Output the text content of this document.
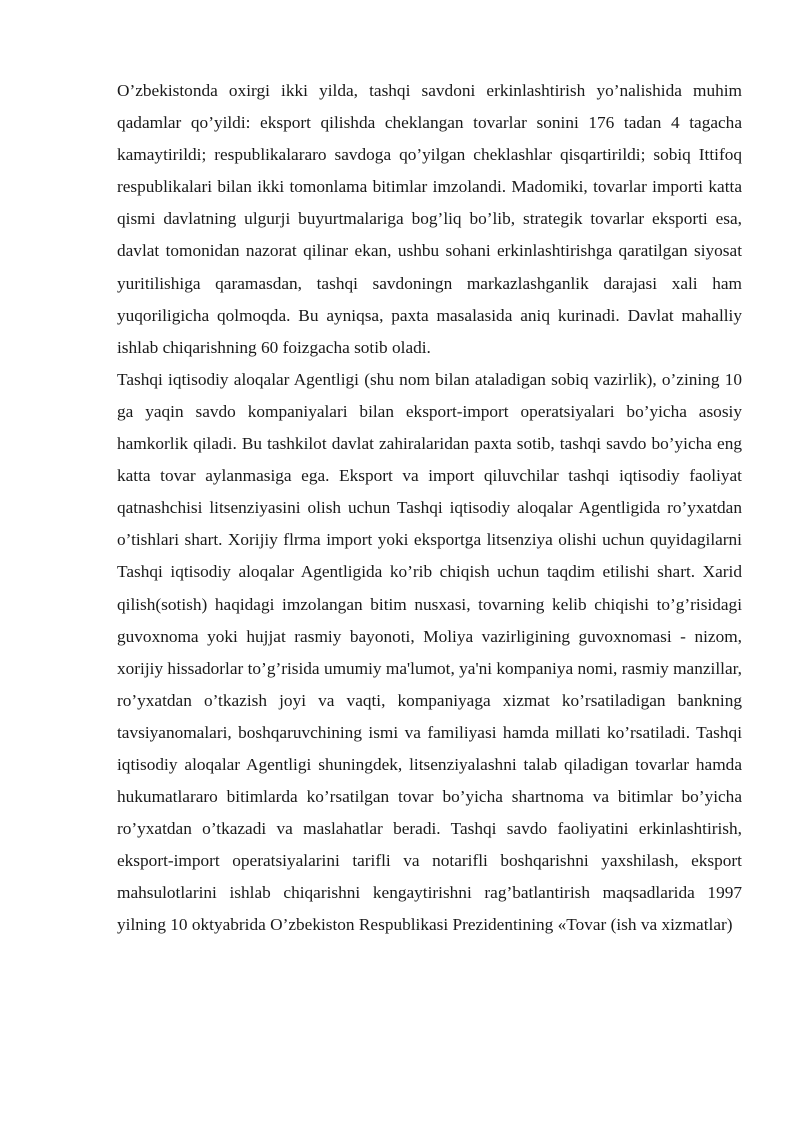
O’zbekistonda oxirgi ikki yilda, tashqi savdoni erkinlashtirish yo’nalishida muhim qadamlar qo’yildi: eksport qilishda cheklangan tovarlar sonini 176 tadan 4 tagacha kamaytirildi; respublikalararo savdoga qo’yilgan cheklashlar qisqartirildi; sobiq Ittifoq respublikalari bilan ikki tomonlama bitimlar imzolandi. Madomiki, tovarlar importi katta qismi davlatning ulgurji buyurtmalariga bog’liq bo’lib, strategik tovarlar eksporti esa, davlat tomonidan nazorat qilinar ekan, ushbu sohani erkinlashtirishga qaratilgan siyosat yuritilishiga qaramasdan, tashqi savdoningn markazlashganlik darajasi xali ham yuqoriligicha qolmoqda. Bu ayniqsa, paxta masalasida aniq kurinadi. Davlat mahalliy ishlab chiqarishning 60 foizgacha sotib oladi.

Tashqi iqtisodiy aloqalar Agentligi (shu nom bilan ataladigan sobiq vazirlik), o’zining 10 ga yaqin savdo kompaniyalari bilan eksport-import operatsiyalari bo’yicha asosiy hamkorlik qiladi. Bu tashkilot davlat zahiralaridan paxta sotib, tashqi savdo bo’yicha eng katta tovar aylanmasiga ega. Eksport va import qiluvchilar tashqi iqtisodiy faoliyat qatnashchisi litsenziyasini olish uchun Tashqi iqtisodiy aloqalar Agentligida ro’yxatdan o’tishlari shart. Xorijiy flrma import yoki eksportga litsenziya olishi uchun quyidagilarni Tashqi iqtisodiy aloqalar Agentligida ko’rib chiqish uchun taqdim etilishi shart. Xarid qilish(sotish) haqidagi imzolangan bitim nusxasi, tovarning kelib chiqishi to’g’risidagi guvoxnoma yoki hujjat rasmiy bayonoti, Moliya vazirligining guvoxnomasi - nizom, xorijiy hissadorlar to’g’risida umumiy ma'lumot, ya'ni kompaniya nomi, rasmiy manzillar, ro’yxatdan o’tkazish joyi va vaqti, kompaniyaga xizmat ko’rsatiladigan bankning tavsiyanomalari, boshqaruvchining ismi va familiyasi hamda millati ko’rsatiladi. Tashqi iqtisodiy aloqalar Agentligi shuningdek, litsenziyalashni talab qiladigan tovarlar hamda hukumatlararo bitimlarda ko’rsatilgan tovar bo’yicha shartnoma va bitimlar bo’yicha ro’yxatdan o’tkazadi va maslahatlar beradi. Tashqi savdo faoliyatini erkinlashtirish, eksport-import operatsiyalarini tarifli va notarifli boshqarishni yaxshilash, eksport mahsulotlarini ishlab chiqarishni kengaytirishni rag’batlantirish maqsadlarida 1997 yilning 10 oktyabrida O’zbekiston Respublikasi Prezidentining «Tovar (ish va xizmatlar)
